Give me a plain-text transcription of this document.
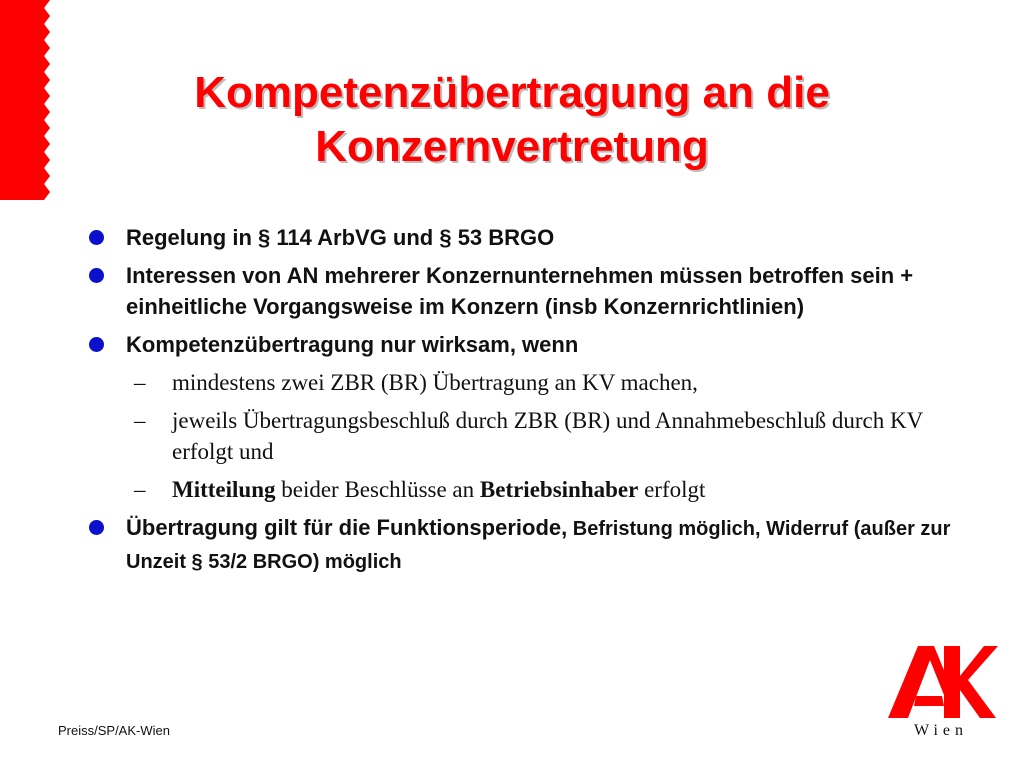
Kompetenzübertragung an die
Konzernvertretung
Regelung in § 114 ArbVG und § 53 BRGO
Interessen von AN mehrerer Konzernunternehmen müssen betroffen sein + einheitliche Vorgangsweise im Konzern (insb Konzernrichtlinien)
Kompetenzübertragung nur wirksam, wenn
– mindestens zwei ZBR (BR) Übertragung an KV machen,
– jeweils Übertragungsbeschluß durch ZBR (BR) und Annahmebeschluß durch KV erfolgt und
– Mitteilung beider Beschlüsse an Betriebsinhaber erfolgt
Übertragung gilt für die Funktionsperiode, Befristung möglich, Widerruf (außer zur Unzeit § 53/2 BRGO) möglich
Preiss/SP/AK-Wien	Wien
